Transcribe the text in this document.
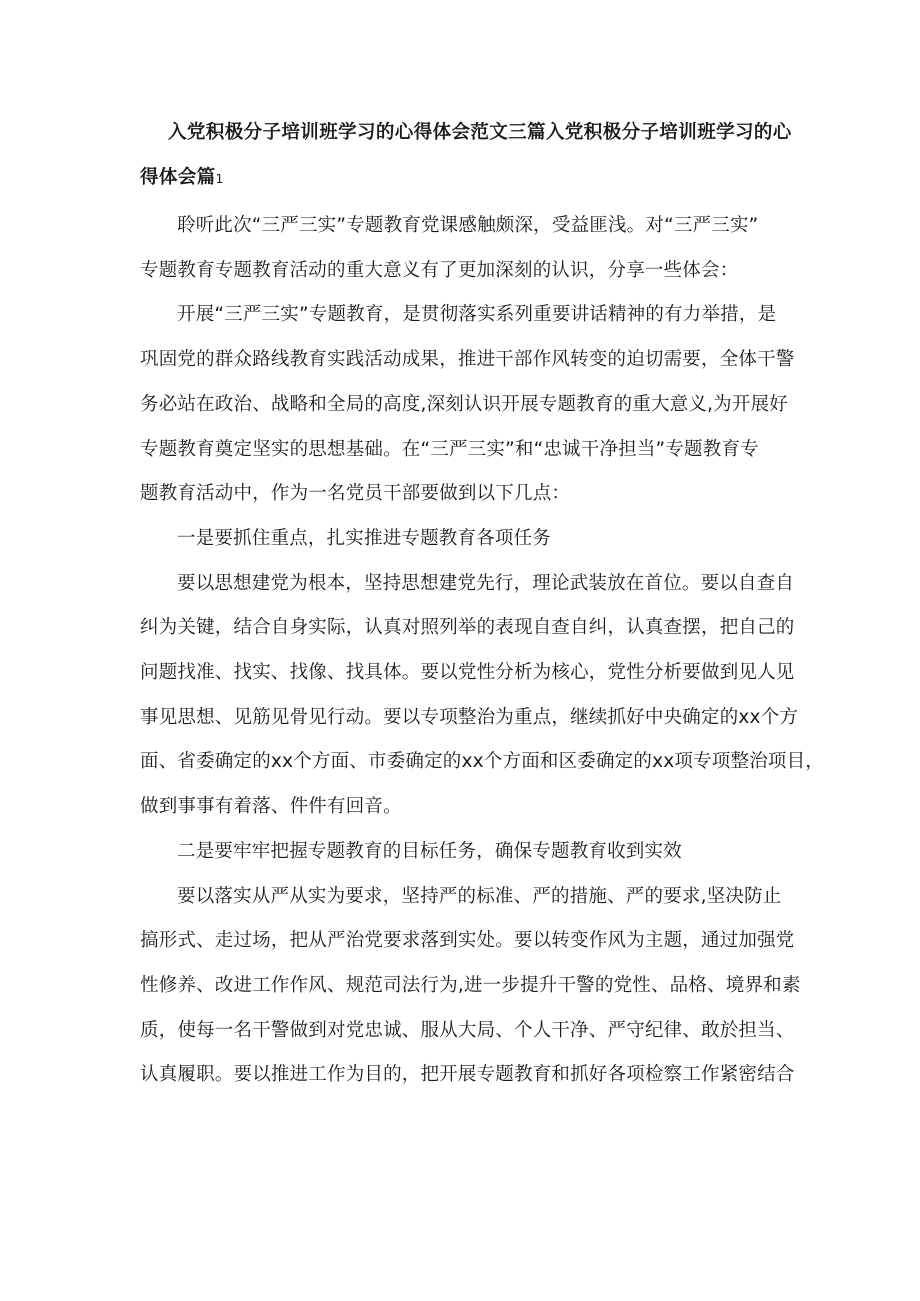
入党积极分子培训班学习的心得体会范文三篇入党积极分子培训班学习的心
得体会篇1

聆听此次“三严三实”专题教育党课感触颇深，受益匪浅。对“三严三实”
专题教育专题教育活动的重大意义有了更加深刻的认识，分享一些体会：

开展“三严三实”专题教育，是贯彻落实系列重要讲话精神的有力举措，是
巩固党的群众路线教育实践活动成果，推进干部作风转变的迫切需要，全体干警
务必站在政治、战略和全局的高度,深刻认识开展专题教育的重大意义,为开展好
专题教育奠定坚实的思想基础。在“三严三实”和“忠诚干净担当”专题教育专
题教育活动中，作为一名党员干部要做到以下几点：

一是要抓住重点，扎实推进专题教育各项任务

要以思想建党为根本，坚持思想建党先行，理论武装放在首位。要以自查自
纠为关键，结合自身实际，认真对照列举的表现自查自纠，认真查摆，把自己的
问题找准、找实、找像、找具体。要以党性分析为核心，党性分析要做到见人见
事见思想、见筋见骨见行动。要以专项整治为重点，继续抓好中央确定的xx个方
面、省委确定的xx个方面、市委确定的xx个方面和区委确定的xx项专项整治项目，
做到事事有着落、件件有回音。

二是要牢牢把握专题教育的目标任务，确保专题教育收到实效

要以落实从严从实为要求，坚持严的标准、严的措施、严的要求,坚决防止
搞形式、走过场，把从严治党要求落到实处。要以转变作风为主题，通过加强党
性修养、改进工作作风、规范司法行为,进一步提升干警的党性、品格、境界和素
质，使每一名干警做到对党忠诚、服从大局、个人干净、严守纪律、敢於担当、
认真履职。要以推进工作为目的，把开展专题教育和抓好各项检察工作紧密结合
